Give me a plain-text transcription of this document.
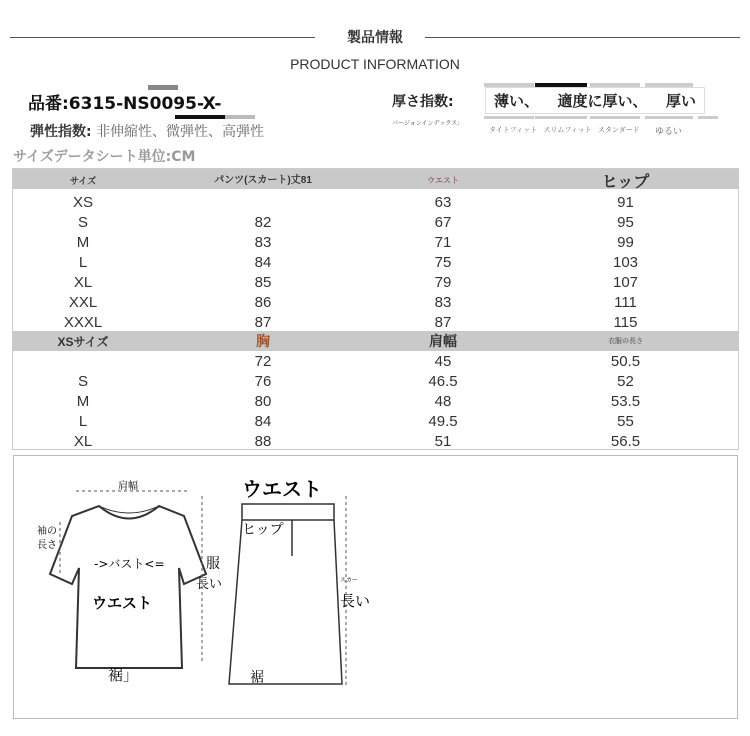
製品情報
PRODUCT INFORMATION
品番:6315-NS0095-X-
弾性指数: 非伸縮性、微弾性、高弾性
サイズデータシート単位:CM
厚さ指数:	薄い、 適度に厚い、 厚い
バージョンインデックス:
タイトフィット スリムフィット スタンダード	ゆるい
サイズ	パンツ(スカート)丈81	ウエスト	ヒップ
XS		63	91
S	82	67	95
M	83	71	99
L	84	75	103
XL	85	79	107
XXL	86	83	111
XXXL	87	87	115
XSサイズ	胸	肩幅	衣服の長さ
	72	45	50.5
S	76	46.5	52
M	80	48	53.5
L	84	49.5	55
XL	88	51	56.5
肩幅
袖の
長さ
->バスト<=	服
長い
ウエスト
裾」
ウエスト
ヒップ
スカー
長い
裾
